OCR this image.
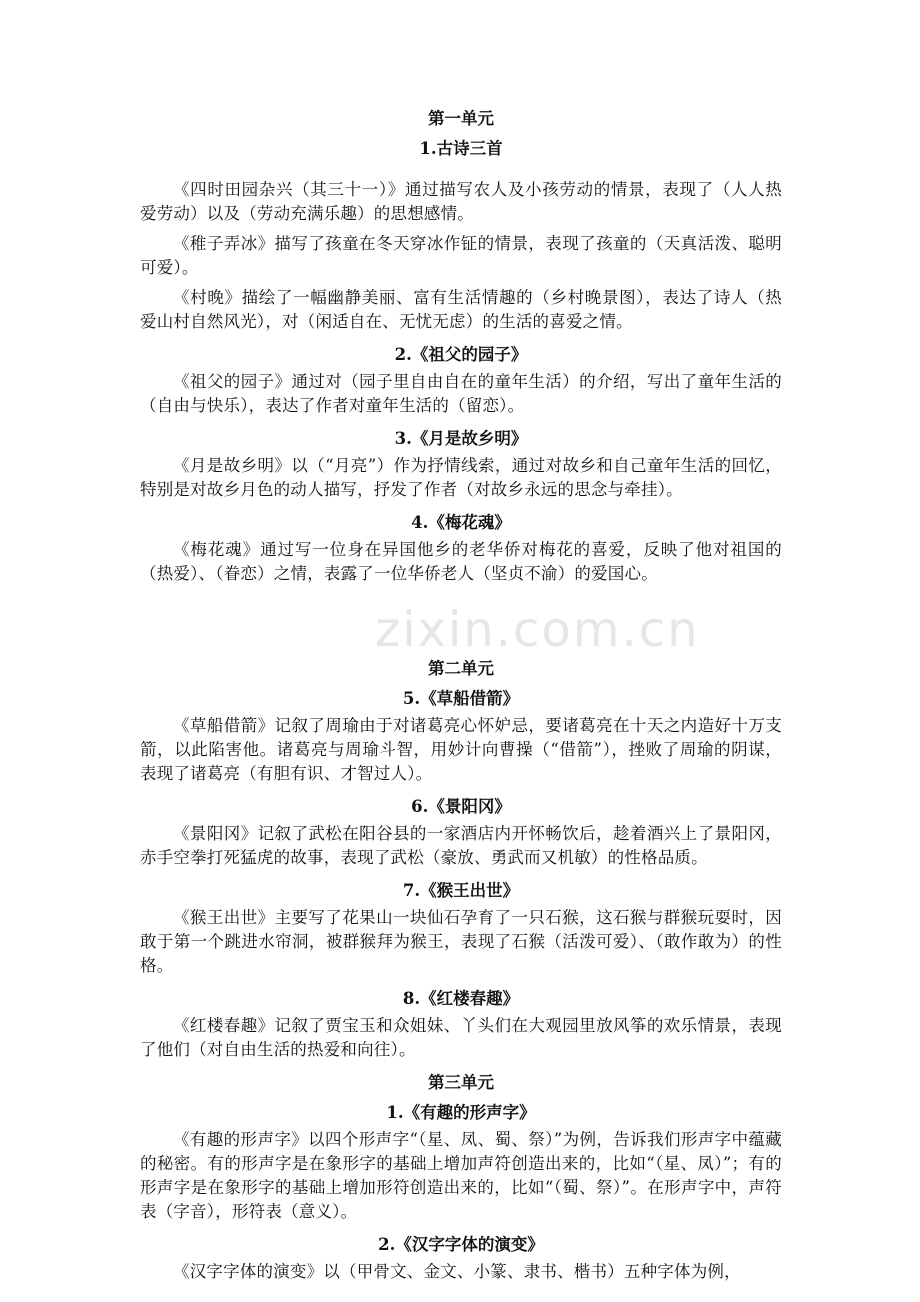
zixin.com.cn
第一单元
1.古诗三首

《四时田园杂兴（其三十一）》通过描写农人及小孩劳动的情景，表现了（人人热爱劳动）以及（劳动充满乐趣）的思想感情。

《稚子弄冰》描写了孩童在冬天穿冰作钲的情景，表现了孩童的（天真活泼、聪明可爱）。

《村晚》描绘了一幅幽静美丽、富有生活情趣的（乡村晚景图），表达了诗人（热爱山村自然风光），对（闲适自在、无忧无虑）的生活的喜爱之情。

2.《祖父的园子》

《祖父的园子》通过对（园子里自由自在的童年生活）的介绍，写出了童年生活的（自由与快乐），表达了作者对童年生活的（留恋）。

3.《月是故乡明》

《月是故乡明》以（“月亮”）作为抒情线索，通过对故乡和自己童年生活的回忆，特别是对故乡月色的动人描写，抒发了作者（对故乡永远的思念与牵挂）。

4.《梅花魂》

《梅花魂》通过写一位身在异国他乡的老华侨对梅花的喜爱，反映了他对祖国的（热爱）、（眷恋）之情，表露了一位华侨老人（坚贞不渝）的爱国心。

第二单元
5.《草船借箭》

《草船借箭》记叙了周瑜由于对诸葛亮心怀妒忌，要诸葛亮在十天之内造好十万支箭，以此陷害他。诸葛亮与周瑜斗智，用妙计向曹操（“借箭”），挫败了周瑜的阴谋，表现了诸葛亮（有胆有识、才智过人）。

6.《景阳冈》

《景阳冈》记叙了武松在阳谷县的一家酒店内开怀畅饮后，趁着酒兴上了景阳冈，赤手空拳打死猛虎的故事，表现了武松（豪放、勇武而又机敏）的性格品质。

7.《猴王出世》

《猴王出世》主要写了花果山一块仙石孕育了一只石猴，这石猴与群猴玩耍时，因敢于第一个跳进水帘洞，被群猴拜为猴王，表现了石猴（活泼可爱）、（敢作敢为）的性格。

8.《红楼春趣》

《红楼春趣》记叙了贾宝玉和众姐妹、丫头们在大观园里放风筝的欢乐情景，表现了他们（对自由生活的热爱和向往）。

第三单元
1.《有趣的形声字》

《有趣的形声字》以四个形声字“（星、凤、蜀、祭）”为例，告诉我们形声字中蕴藏的秘密。有的形声字是在象形字的基础上增加声符创造出来的，比如“（星、凤）”；有的形声字是在象形字的基础上增加形符创造出来的，比如“（蜀、祭）”。在形声字中，声符表（字音），形符表（意义）。

2.《汉字字体的演变》

《汉字字体的演变》以（甲骨文、金文、小篆、隶书、楷书）五种字体为例，
